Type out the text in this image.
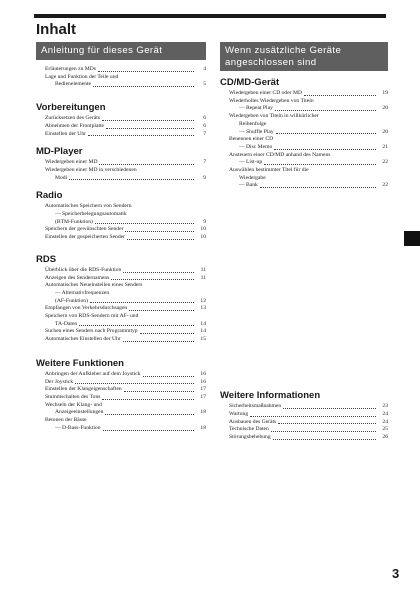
Inhalt
Anleitung für dieses Gerät
Erläuterungen zu MDs	4
Lage und Funktion der Teile und
Bedienelemente	5
Vorbereitungen
Zurücksetzen des Geräts	6
Abnehmen der Frontplatte	6
Einstellen der Uhr	7
MD-Player
Wiedergeben einer MD	7
Wiedergeben einer MD in verschiedenen
Modi	9
Radio
Automatisches Speichern von Sendern
— Speicherbelegungsautomatik
(BTM-Funktion)	9
Speichern der gewünschten Sender	10
Einstellen der gespeicherten Sender	10
RDS
Überblick über die RDS-Funktion	11
Anzeigen des Sendernamens	11
Automatisches Neueinstellen eines Senders
— Alternativfrequenzen
(AF-Funktion)	12
Empfangen von Verkehrsdurchsagen	13
Speichern von RDS-Sendern mit AF- und
TA-Daten	14
Suchen eines Senders nach Programmtyp	14
Automatisches Einstellen der Uhr	15
Weitere Funktionen
Anbringen der Aufkleber auf dem Joystick	16
Der Joystick	16
Einstellen der Klangeigenschaften	17
Stummschalten des Tons	17
Wechseln der Klang- und
Anzeigeeinstellungen	18
Betonen der Bässe
— D-Bass-Funktion	18
Wenn zusätzliche Geräte
angeschlossen sind
CD/MD-Gerät
Wiedergeben einer CD oder MD	19
Wiederholtes Wiedergeben von Titeln
— Repeat Play	20
Wiedergeben von Titeln in willkürlicher
Reihenfolge
— Shuffle Play	20
Benennen einer CD
— Disc Memo	21
Ansteuern einer CD/MD anhand des Namens
— List-up	22
Auswählen bestimmter Titel für die
Wiedergabe
— Bank	22
Weitere Informationen
Sicherheitsmaßnahmen	23
Wartung	24
Ausbauen des Geräts	24
Technische Daten	25
Störungsbehebung	26
3
